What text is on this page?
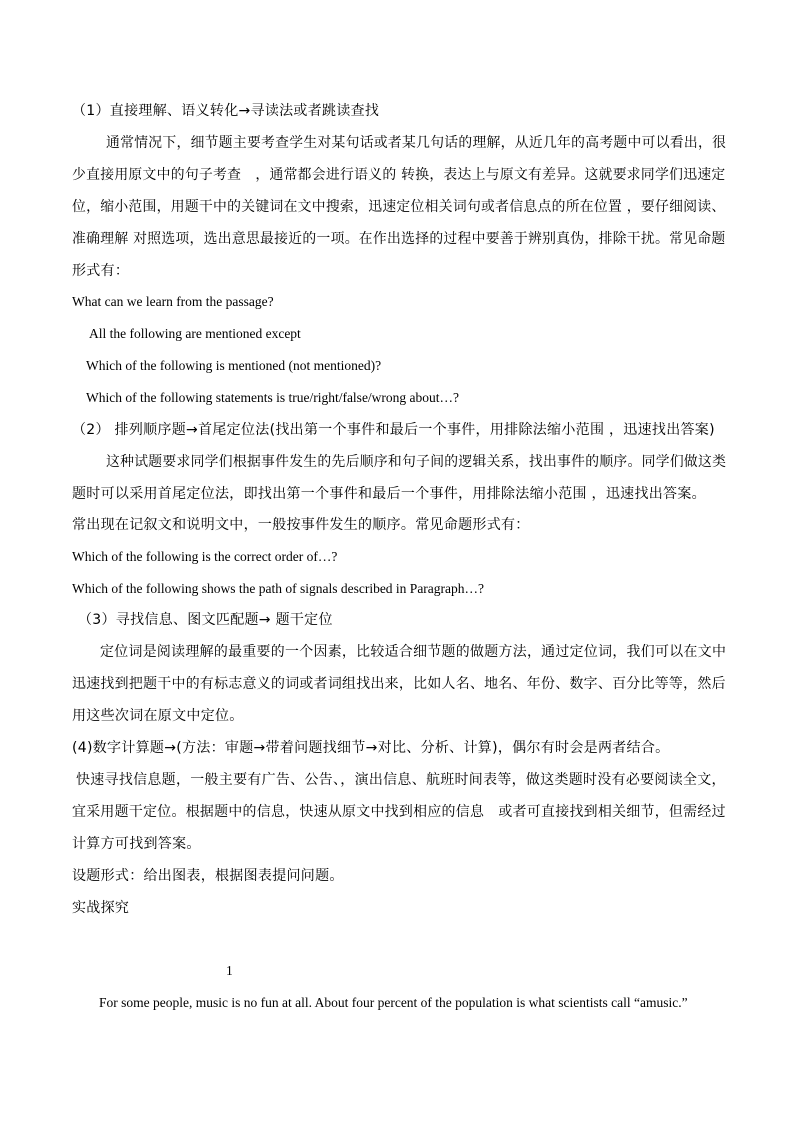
（1）直接理解、语义转化→寻读法或者跳读查找
通常情况下，细节题主要考查学生对某句话或者某几句话的理解，从近几年的高考题中可以看出，很
少直接用原文中的句子考查　，通常都会进行语义的 转换，表达上与原文有差异。这就要求同学们迅速定
位，缩小范围，用题干中的关键词在文中搜索，迅速定位相关词句或者信息点的所在位置 ，要仔细阅读、
准确理解 对照选项，选出意思最接近的一项。在作出选择的过程中要善于辨别真伪，排除干扰。常见命题
形式有：
What can we learn from the passage?
All the following are mentioned except
Which of the following is mentioned (not mentioned)?
Which of the following statements is true/right/false/wrong about…?
（2） 排列顺序题→首尾定位法(找出第一个事件和最后一个事件，用排除法缩小范围 ，迅速找出答案)
这种试题要求同学们根据事件发生的先后顺序和句子间的逻辑关系，找出事件的顺序。同学们做这类
题时可以采用首尾定位法，即找出第一个事件和最后一个事件，用排除法缩小范围 ，迅速找出答案。
常出现在记叙文和说明文中，一般按事件发生的顺序。常见命题形式有：
Which of the following is the correct order of…?
Which of the following shows the path of signals described in Paragraph…?
（3）寻找信息、图文匹配题→ 题干定位
定位词是阅读理解的最重要的一个因素，比较适合细节题的做题方法，通过定位词，我们可以在文中
迅速找到把题干中的有标志意义的词或者词组找出来，比如人名、地名、年份、数字、百分比等等，然后
用这些次词在原文中定位。
(4)数字计算题→(方法：审题→带着问题找细节→对比、分析、计算)，偶尔有时会是两者结合。
快速寻找信息题，一般主要有广告、公告、，演出信息、航班时间表等，做这类题时没有必要阅读全文，
宜采用题干定位。根据题中的信息，快速从原文中找到相应的信息　或者可直接找到相关细节，但需经过
计算方可找到答案。
设题形式：给出图表，根据图表提问问题。
实战探究
1
For some people, music is no fun at all. About four percent of the population is what scientists call “amusic.”
